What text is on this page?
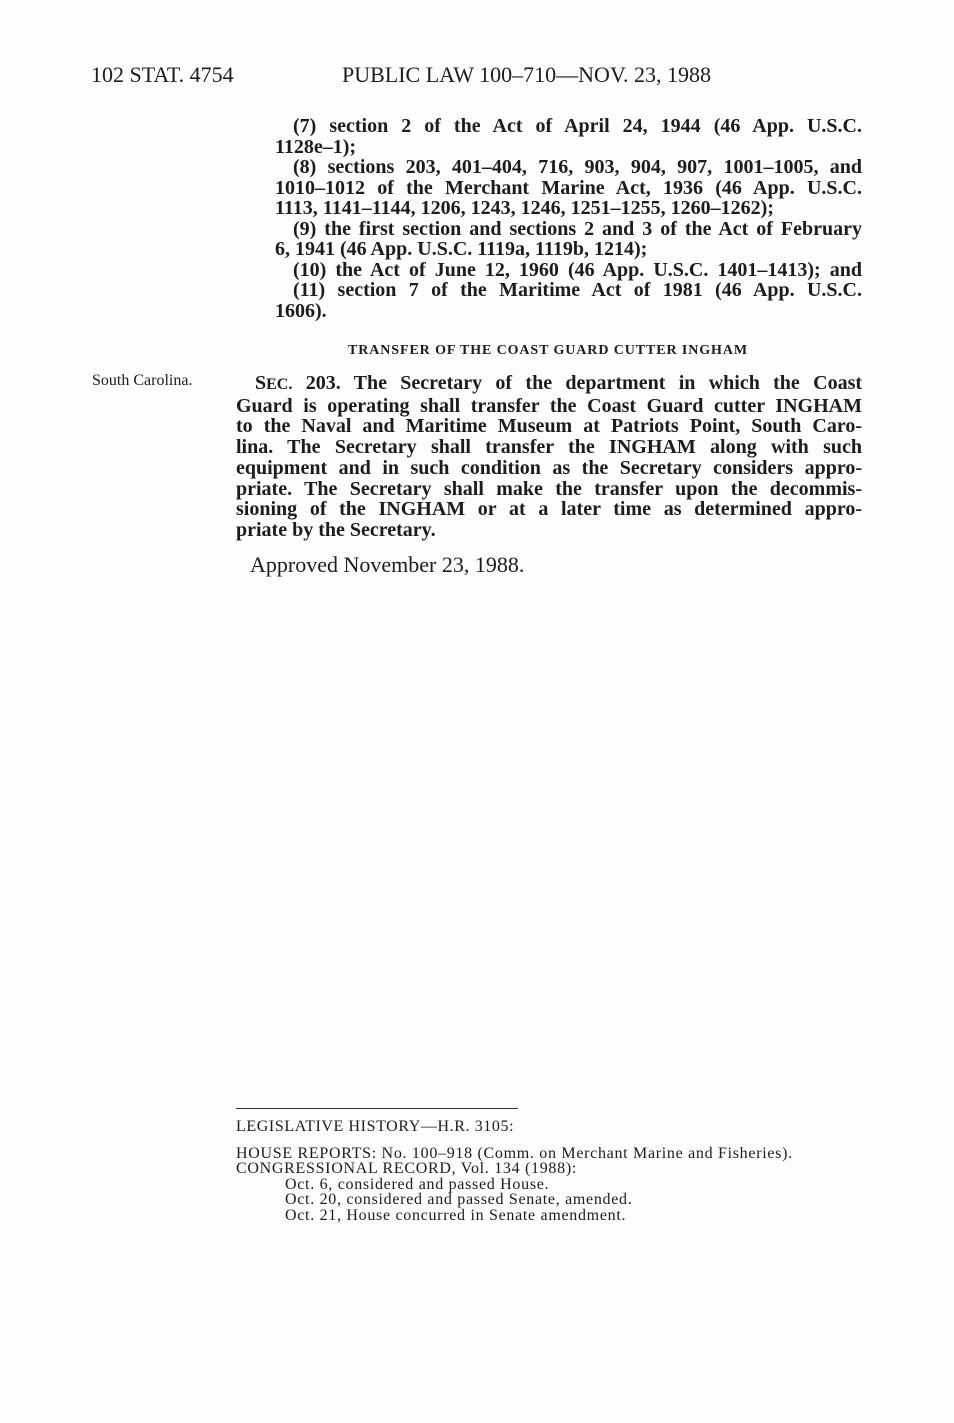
102 STAT. 4754	PUBLIC LAW 100–710—NOV. 23, 1988
(7) section 2 of the Act of April 24, 1944 (46 App. U.S.C.
1128e–1);
(8) sections 203, 401–404, 716, 903, 904, 907, 1001–1005, and
1010–1012 of the Merchant Marine Act, 1936 (46 App. U.S.C.
1113, 1141–1144, 1206, 1243, 1246, 1251–1255, 1260–1262);
(9) the first section and sections 2 and 3 of the Act of February
6, 1941 (46 App. U.S.C. 1119a, 1119b, 1214);
(10) the Act of June 12, 1960 (46 App. U.S.C. 1401–1413); and
(11) section 7 of the Maritime Act of 1981 (46 App. U.S.C.
1606).
TRANSFER OF THE COAST GUARD CUTTER INGHAM
South Carolina.	SEC. 203. The Secretary of the department in which the Coast
Guard is operating shall transfer the Coast Guard cutter INGHAM
to the Naval and Maritime Museum at Patriots Point, South Caro-
lina. The Secretary shall transfer the INGHAM along with such
equipment and in such condition as the Secretary considers appro-
priate. The Secretary shall make the transfer upon the decommis-
sioning of the INGHAM or at a later time as determined appro-
priate by the Secretary.
Approved November 23, 1988.
LEGISLATIVE HISTORY—H.R. 3105:
HOUSE REPORTS: No. 100–918 (Comm. on Merchant Marine and Fisheries).
CONGRESSIONAL RECORD, Vol. 134 (1988):
Oct. 6, considered and passed House.
Oct. 20, considered and passed Senate, amended.
Oct. 21, House concurred in Senate amendment.
